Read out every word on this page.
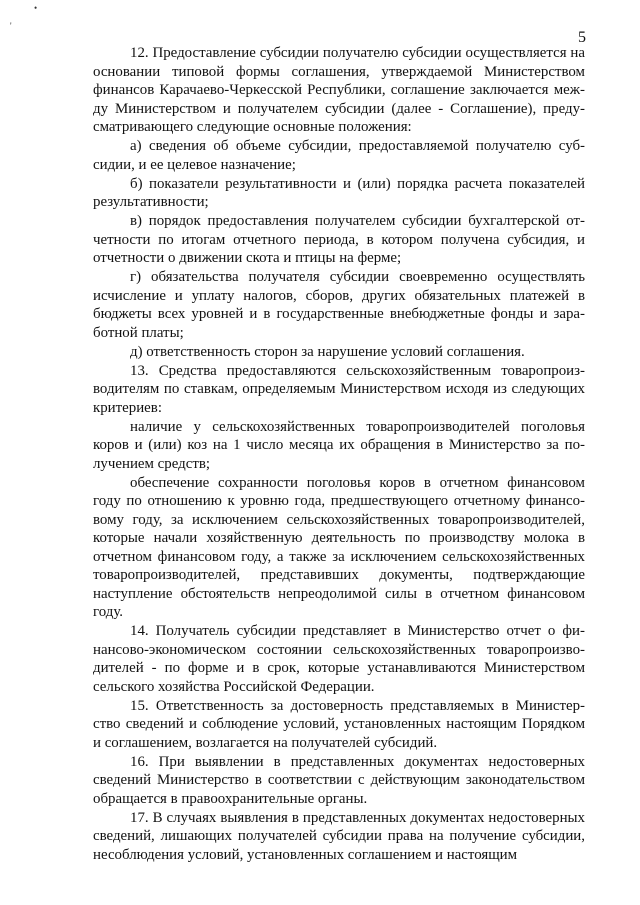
•
'
5

12. Предоставление субсидии получателю субсидии осуществляется на основании типовой формы соглашения, утверждаемой Министерством финансов Карачаево-Черкесской Республики, соглашение заключается между Министерством и получателем субсидии (далее - Соглашение), предусматривающего следующие основные положения:

а) сведения об объеме субсидии, предоставляемой получателю субсидии, и ее целевое назначение;

б) показатели результативности и (или) порядка расчета показателей результативности;

в) порядок предоставления получателем субсидии бухгалтерской отчетности по итогам отчетного периода, в котором получена субсидия, и отчетности о движении скота и птицы на ферме;

г) обязательства получателя субсидии своевременно осуществлять исчисление и уплату налогов, сборов, других обязательных платежей в бюджеты всех уровней и в государственные внебюджетные фонды и заработной платы;

д) ответственность сторон за нарушение условий соглашения.

13. Средства предоставляются сельскохозяйственным товаропроизводителям по ставкам, определяемым Министерством исходя из следующих критериев:

наличие у сельскохозяйственных товаропроизводителей поголовья коров и (или) коз на 1 число месяца их обращения в Министерство за получением средств;

обеспечение сохранности поголовья коров в отчетном финансовом году по отношению к уровню года, предшествующего отчетному финансовому году, за исключением сельскохозяйственных товаропроизводителей, которые начали хозяйственную деятельность по производству молока в отчетном финансовом году, а также за исключением сельскохозяйственных товаропроизводителей, представивших документы, подтверждающие наступление обстоятельств непреодолимой силы в отчетном финансовом году.

14. Получатель субсидии представляет в Министерство отчет о финансово-экономическом состоянии сельскохозяйственных товаропроизводителей - по форме и в срок, которые устанавливаются Министерством сельского хозяйства Российской Федерации.

15. Ответственность за достоверность представляемых в Министерство сведений и соблюдение условий, установленных настоящим Порядком и соглашением, возлагается на получателей субсидий.

16. При выявлении в представленных документах недостоверных сведений Министерство в соответствии с действующим законодательством обращается в правоохранительные органы.

17. В случаях выявления в представленных документах недостоверных сведений, лишающих получателей субсидии права на получение субсидии, несоблюдения условий, установленных соглашением и настоящим
